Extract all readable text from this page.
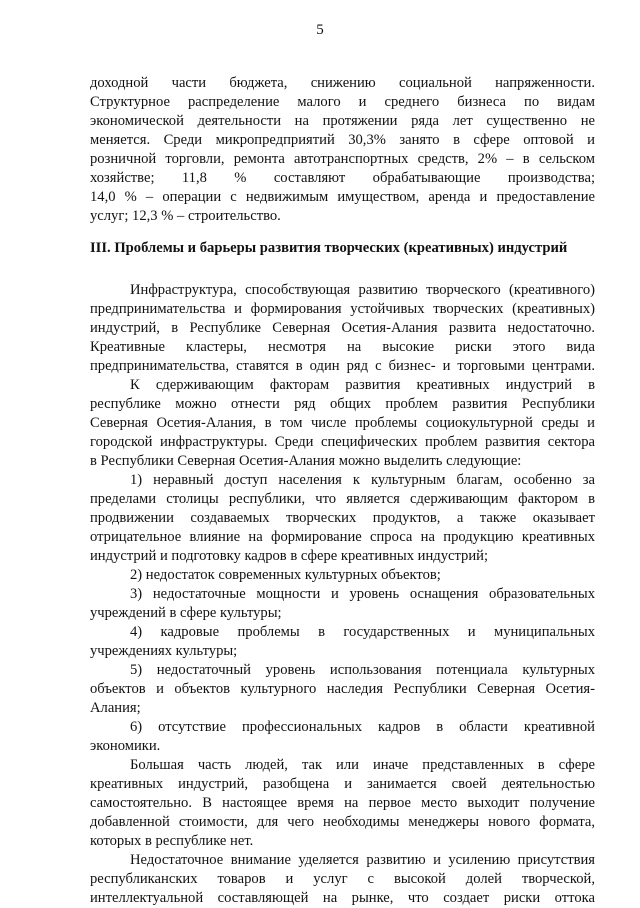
5
доходной части бюджета, снижению социальной напряженности.
Структурное распределение малого и среднего бизнеса по видам
экономической деятельности на протяжении ряда лет существенно не
меняется. Среди микропредприятий 30,3% занято в сфере оптовой и
розничной торговли, ремонта автотранспортных средств, 2% – в сельском
хозяйстве; 11,8 % составляют обрабатывающие производства;
14,0 % – операции с недвижимым имуществом, аренда и предоставление
услуг; 12,3 % – строительство.
III. Проблемы и барьеры развития творческих (креативных) индустрий
Инфраструктура, способствующая развитию творческого (креативного)
предпринимательства и формирования устойчивых творческих (креативных)
индустрий, в Республике Северная Осетия-Алания развита недостаточно.
Креативные кластеры, несмотря на высокие риски этого вида
предпринимательства, ставятся в один ряд с бизнес- и торговыми центрами.
К сдерживающим факторам развития креативных индустрий в
республике можно отнести ряд общих проблем развития Республики
Северная Осетия-Алания, в том числе проблемы социокультурной среды и
городской инфраструктуры. Среди специфических проблем развития сектора
в Республики Северная Осетия-Алания можно выделить следующие:
1) неравный доступ населения к культурным благам, особенно за
пределами столицы республики, что является сдерживающим фактором в
продвижении создаваемых творческих продуктов, а также оказывает
отрицательное влияние на формирование спроса на продукцию креативных
индустрий и подготовку кадров в сфере креативных индустрий;
2) недостаток современных культурных объектов;
3) недостаточные мощности и уровень оснащения образовательных
учреждений в сфере культуры;
4) кадровые проблемы в государственных и муниципальных
учреждениях культуры;
5) недостаточный уровень использования потенциала культурных
объектов и объектов культурного наследия Республики Северная Осетия-
Алания;
6) отсутствие профессиональных кадров в области креативной
экономики.
Большая часть людей, так или иначе представленных в сфере
креативных индустрий, разобщена и занимается своей деятельностью
самостоятельно. В настоящее время на первое место выходит получение
добавленной стоимости, для чего необходимы менеджеры нового формата,
которых в республике нет.
Недостаточное внимание уделяется развитию и усилению присутствия
республиканских товаров и услуг с высокой долей творческой,
интеллектуальной составляющей на рынке, что создает риски оттока
